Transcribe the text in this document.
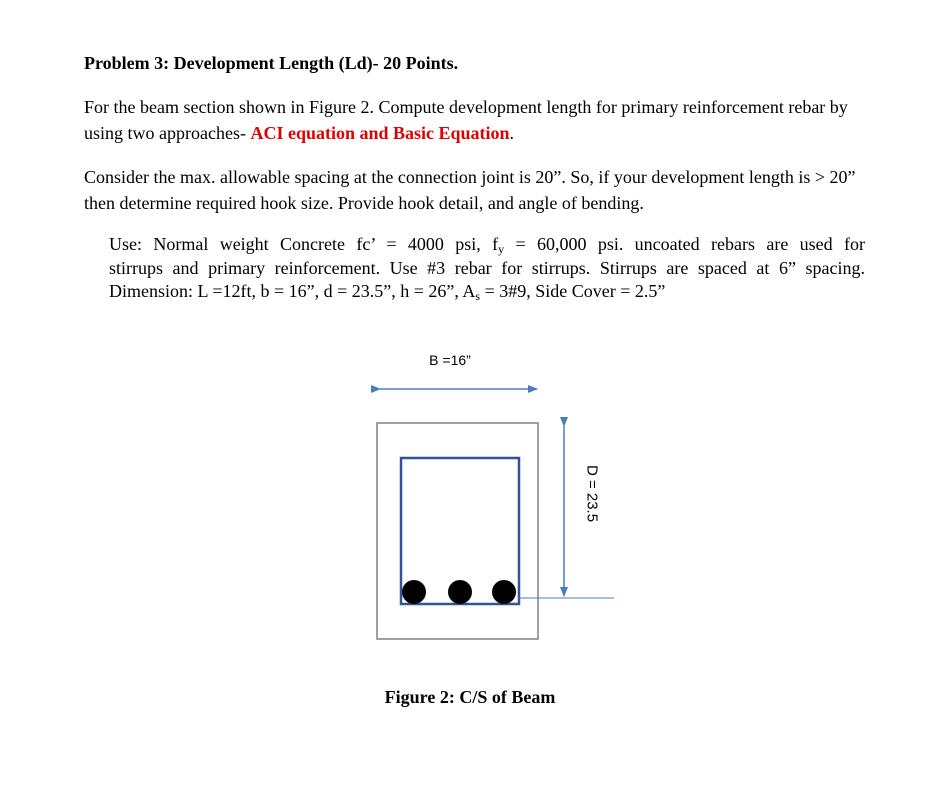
Problem 3: Development Length (Ld)- 20 Points.
For the beam section shown in Figure 2. Compute development length for primary reinforcement rebar by using two approaches- ACI equation and Basic Equation.
Consider the max. allowable spacing at the connection joint is 20”. So, if your development length is > 20” then determine required hook size. Provide hook detail, and angle of bending.
Use: Normal weight Concrete fc’ = 4000 psi, $f_y = 60,000$ psi. uncoated rebars are used for
stirrups and primary reinforcement. Use #3 rebar for stirrups. Stirrups are spaced at 6” spacing.
Dimension: L =12ft, b = 16”, d = 23.5”, h = 26”, $A_s$ = 3#9, Side Cover = 2.5”
B =16”
D = 23.5
Figure 2: C/S of Beam
